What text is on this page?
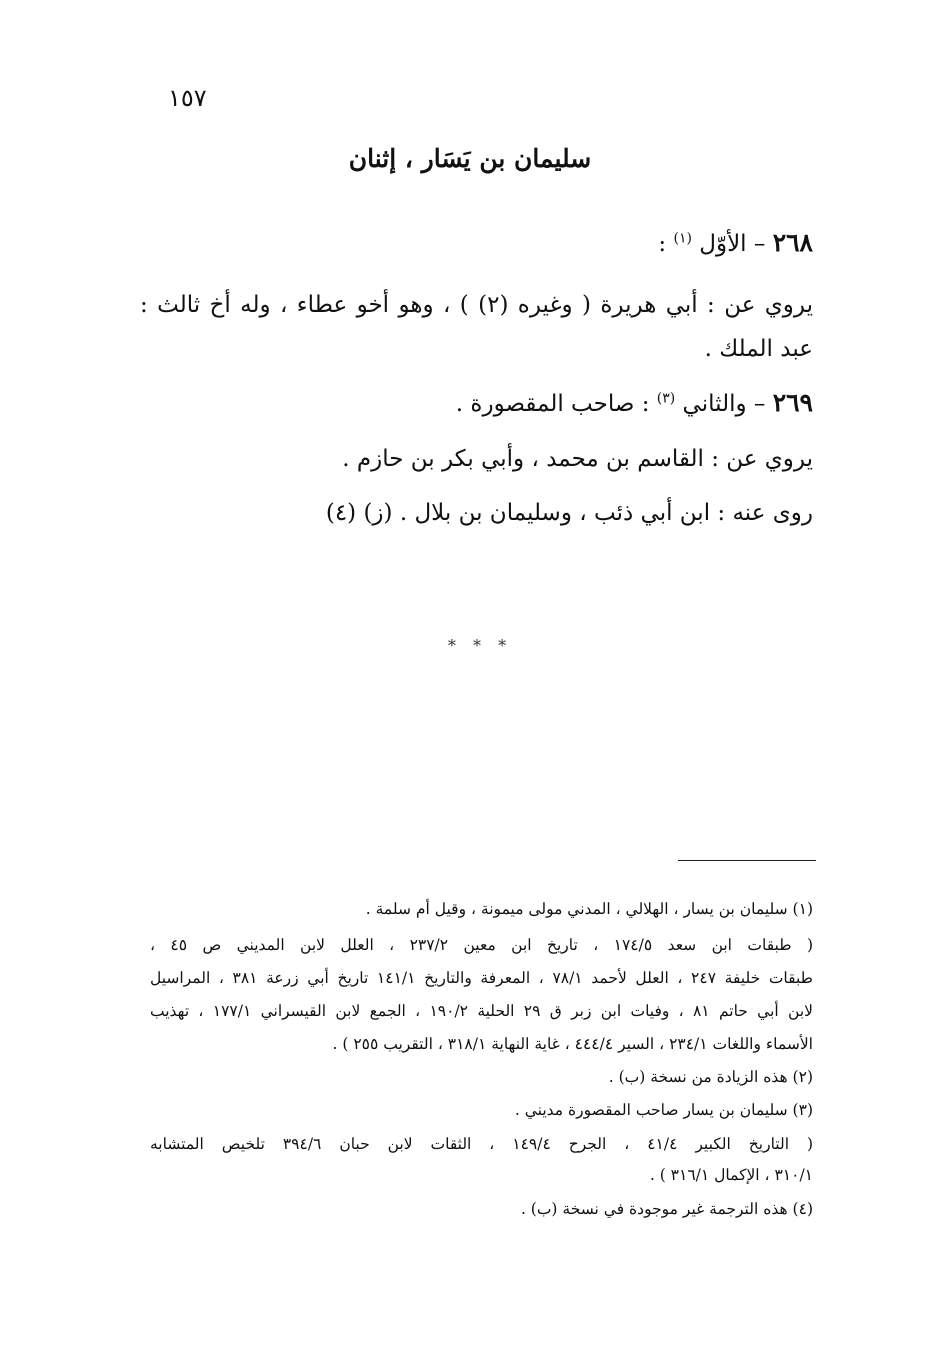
١٥٧
سليمان بن يَسَار ، إثنان
٢٦٨ – الأوّل $^{(١)}$ :
يروي عن : أبي هريرة ( وغيره (٢) ) ، وهو أخو عطاء ، وله أخ ثالث :
عبد الملك .
٢٦٩ – والثاني $^{(٣)}$ : صاحب المقصورة .
يروي عن : القاسم بن محمد ، وأبي بكر بن حازم .
روى عنه : ابن أبي ذئب ، وسليمان بن بلال . (ز) (٤)
* * *
(١) سليمان بن يسار ، الهلالي ، المدني مولى ميمونة ، وقيل أم سلمة .
( طبقات ابن سعد ١٧٤/٥ ، تاريخ ابن معين ٢٣٧/٢ ، العلل لابن المديني ص ٤٥ ،
طبقات خليفة ٢٤٧ ، العلل لأحمد ٧٨/١ ، المعرفة والتاريخ ١٤١/١ تاريخ أبي زرعة ٣٨١ ، المراسيل
لابن أبي حاتم ٨١ ، وفيات ابن زبر ق ٢٩ الحلية ١٩٠/٢ ، الجمع لابن القيسراني ١٧٧/١ ، تهذيب
الأسماء واللغات ٢٣٤/١ ، السير ٤٤٤/٤ ، غاية النهاية ٣١٨/١ ، التقريب ٢٥٥ ) .
(٢) هذه الزيادة من نسخة (ب) .
(٣) سليمان بن يسار صاحب المقصورة مديني .
( التاريخ الكبير ٤١/٤ ، الجرح ١٤٩/٤ ، الثقات لابن حبان ٣٩٤/٦ تلخيص المتشابه
٣١٠/١ ، الإكمال ٣١٦/١ ) .
(٤) هذه الترجمة غير موجودة في نسخة (ب) .
